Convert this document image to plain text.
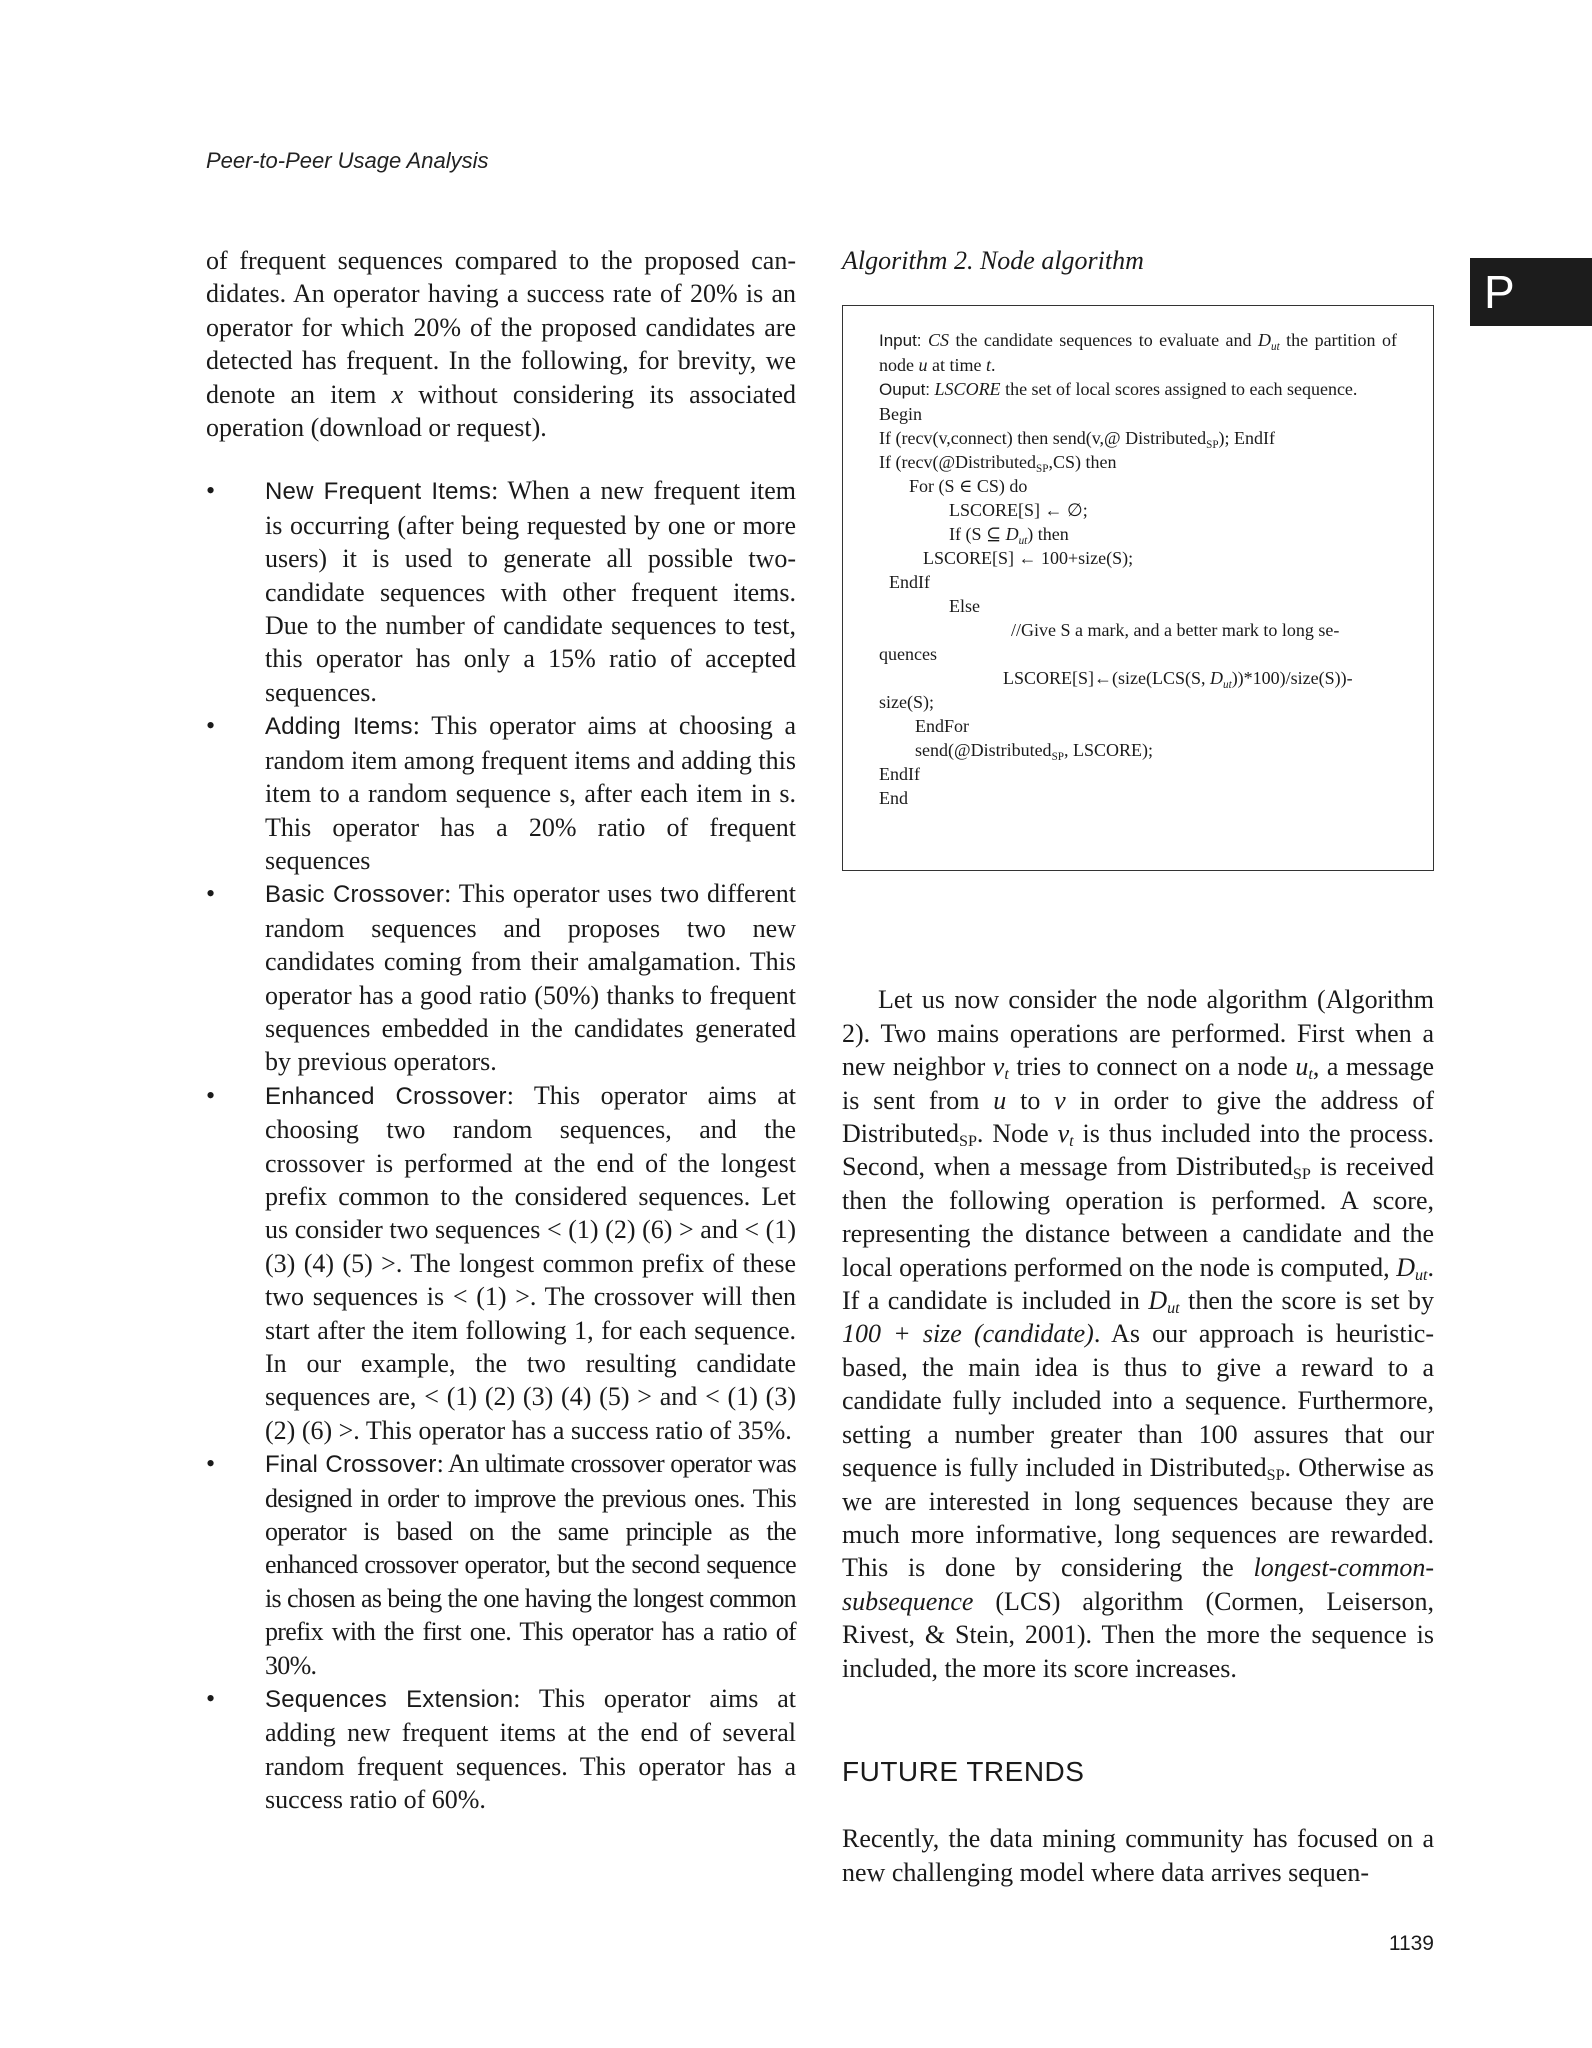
Peer-to-Peer Usage Analysis
P

of frequent sequences compared to the proposed can- didates. An operator having a success rate of 20% is an operator for which 20% of the proposed candidates are detected has frequent. In the following, for brevity, we denote an item x without considering its associated operation (download or request).

• New Frequent Items: When a new frequent item is occurring (after being requested by one or more users) it is used to generate all possible two-candidate sequences with other frequent items. Due to the number of candidate sequences to test, this operator has only a 15% ratio of accepted sequences.
• Adding Items: This operator aims at choosing a random item among frequent items and adding this item to a random sequence s, after each item in s. This operator has a 20% ratio of frequent sequences
• Basic Crossover: This operator uses two different random sequences and proposes two new candidates coming from their amalgamation. This operator has a good ratio (50%) thanks to frequent sequences embedded in the candidates generated by previous operators.
• Enhanced Crossover: This operator aims at choosing two random sequences, and the crossover is performed at the end of the longest prefix common to the considered sequences. Let us consider two sequences < (1) (2) (6) > and < (1) (3) (4) (5) >. The longest common prefix of these two sequences is < (1) >. The crossover will then start after the item following 1, for each sequence. In our example, the two resulting candidate sequences are, < (1) (2) (3) (4) (5) > and < (1) (3) (2) (6) >. This operator has a success ratio of 35%.
• Final Crossover: An ultimate crossover operator was designed in order to improve the previous ones. This operator is based on the same principle as the enhanced crossover operator, but the second sequence is chosen as being the one having the longest common prefix with the first one. This operator has a ratio of 30%.
• Sequences Extension: This operator aims at adding new frequent items at the end of several random frequent sequences. This operator has a success ratio of 60%.

Algorithm 2. Node algorithm

Input: CS the candidate sequences to evaluate and $D_{ut}$ the partition of node u at time t.
Ouput: LSCORE the set of local scores assigned to each sequence.
Begin
If (recv(v,connect) then send(v,@ Distributed$_{SP}$); EndIf
If (recv(@Distributed$_{SP}$,CS) then
For (S ∈ CS) do
LSCORE[S] ← ∅;
If (S ⊆ $D_{ut}$) then
LSCORE[S] ← 100+size(S);
EndIf
Else
//Give S a mark, and a better mark to long se-
quences
LSCORE[S]←(size(LCS(S, $D_{ut}))*100)/size(S))-$
size(S);
EndFor
send(@Distributed$_{SP}$, LSCORE);
EndIf
End

Let us now consider the node algorithm (Algorithm 2). Two mains operations are performed. First when a new neighbor $v_t$ tries to connect on a node $u_t$, a message is sent from u to v in order to give the address of Distributed$_{SP}$. Node $v_t$ is thus included into the process. Second, when a message from Distributed$_{SP}$ is received then the following operation is performed. A score, representing the distance between a candidate and the local operations performed on the node is computed, $D_{ut}$. If a candidate is included in $D_{ut}$ then the score is set by 100 + size (candidate). As our approach is heuristic-based, the main idea is thus to give a reward to a candidate fully included into a sequence. Furthermore, setting a number greater than 100 assures that our sequence is fully included in Distributed$_{SP}$. Otherwise as we are interested in long sequences because they are much more informative, long sequences are rewarded. This is done by considering the longest-common-subsequence (LCS) algorithm (Cormen, Leiserson, Rivest, & Stein, 2001). Then the more the sequence is included, the more its score increases.

FUTURE TRENDS

Recently, the data mining community has focused on a new challenging model where data arrives sequen-

1139
